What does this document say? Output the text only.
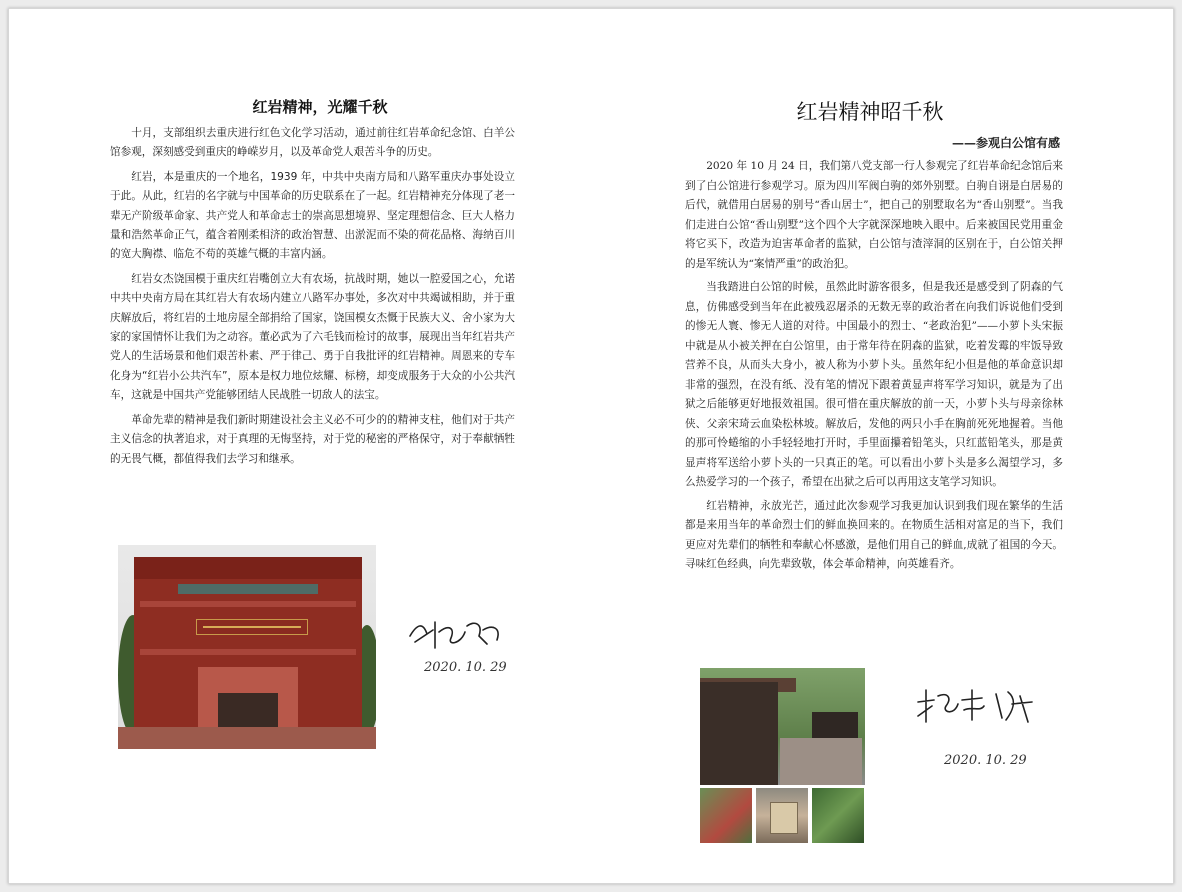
红岩精神，光耀千秋

十月，支部组织去重庆进行红色文化学习活动，通过前往红岩革命纪念馆、白羊公馆参观，深刻感受到重庆的峥嵘岁月，以及革命党人艰苦斗争的历史。

红岩，本是重庆的一个地名，1939 年，中共中央南方局和八路军重庆办事处设立于此。从此，红岩的名字就与中国革命的历史联系在了一起。红岩精神充分体现了老一辈无产阶级革命家、共产党人和革命志士的崇高思想境界、坚定理想信念、巨大人格力量和浩然革命正气，蕴含着刚柔相济的政治智慧、出淤泥而不染的荷花品格、海纳百川的宽大胸襟、临危不苟的英雄气概的丰富内涵。

红岩女杰饶国模于重庆红岩嘴创立大有农场，抗战时期，她以一腔爱国之心，允诺中共中央南方局在其红岩大有农场内建立八路军办事处，多次对中共竭诚相助，并于重庆解放后，将红岩的土地房屋全部捐给了国家，饶国模女杰慨于民族大义、舍小家为大家的家国情怀让我们为之动容。董必武为了六毛钱而检讨的故事，展现出当年红岩共产党人的生活场景和他们艰苦朴素、严于律己、勇于自我批评的红岩精神。周恩来的专车化身为“红岩小公共汽车”，原本是权力地位炫耀、标榜，却变成服务于大众的小公共汽车，这就是中国共产党能够团结人民战胜一切敌人的法宝。

革命先辈的精神是我们新时期建设社会主义必不可少的的精神支柱，他们对于共产主义信念的执著追求，对于真理的无悔坚持，对于党的秘密的严格保守，对于奉献牺牲的无畏气概，都值得我们去学习和继承。

2020. 10. 29
红岩精神昭千秋
——参观白公馆有感

2020 年 10 月 24 日，我们第八党支部一行人参观完了红岩革命纪念馆后来到了白公馆进行参观学习。原为四川军阀白驹的郊外别墅。白驹自诩是白居易的后代，就借用白居易的别号“香山居士”，把自己的别墅取名为“香山别墅”。当我们走进白公馆“香山别墅”这个四个大字就深深地映入眼中。后来被国民党用重金将它买下，改造为迫害革命者的监狱，白公馆与渣滓洞的区别在于，白公馆关押的是军统认为“案情严重”的政治犯。

当我踏进白公馆的时候，虽然此时游客很多，但是我还是感受到了阴森的气息，仿佛感受到当年在此被残忍屠杀的无数无辜的政治者在向我们诉说他们受到的惨无人寰、惨无人道的对待。中国最小的烈士、“老政治犯”——小萝卜头宋振中就是从小被关押在白公馆里，由于常年待在阴森的监狱，吃着发霉的牢饭导致营养不良，从而头大身小，被人称为小萝卜头。虽然年纪小但是他的革命意识却非常的强烈，在没有纸、没有笔的情况下跟着黄显声将军学习知识，就是为了出狱之后能够更好地报效祖国。很可惜在重庆解放的前一天，小萝卜头与母亲徐林侠、父亲宋琦云血染松林坡。解放后，发他的两只小手在胸前死死地握着。当他的那可怜蜷缩的小手轻轻地打开时，手里面攥着铅笔头，只红蓝铅笔头，那是黄显声将军送给小萝卜头的一只真正的笔。可以看出小萝卜头是多么渴望学习，多么热爱学习的一个孩子，希望在出狱之后可以再用这支笔学习知识。

红岩精神，永放光芒，通过此次参观学习我更加认识到我们现在繁华的生活都是来用当年的革命烈士们的鲜血换回来的。在物质生活相对富足的当下，我们更应对先辈们的牺牲和奉献心怀感激，是他们用自己的鲜血,成就了祖国的今天。寻味红色经典，向先辈致敬，体会革命精神，向英雄看齐。

2020. 10. 29
